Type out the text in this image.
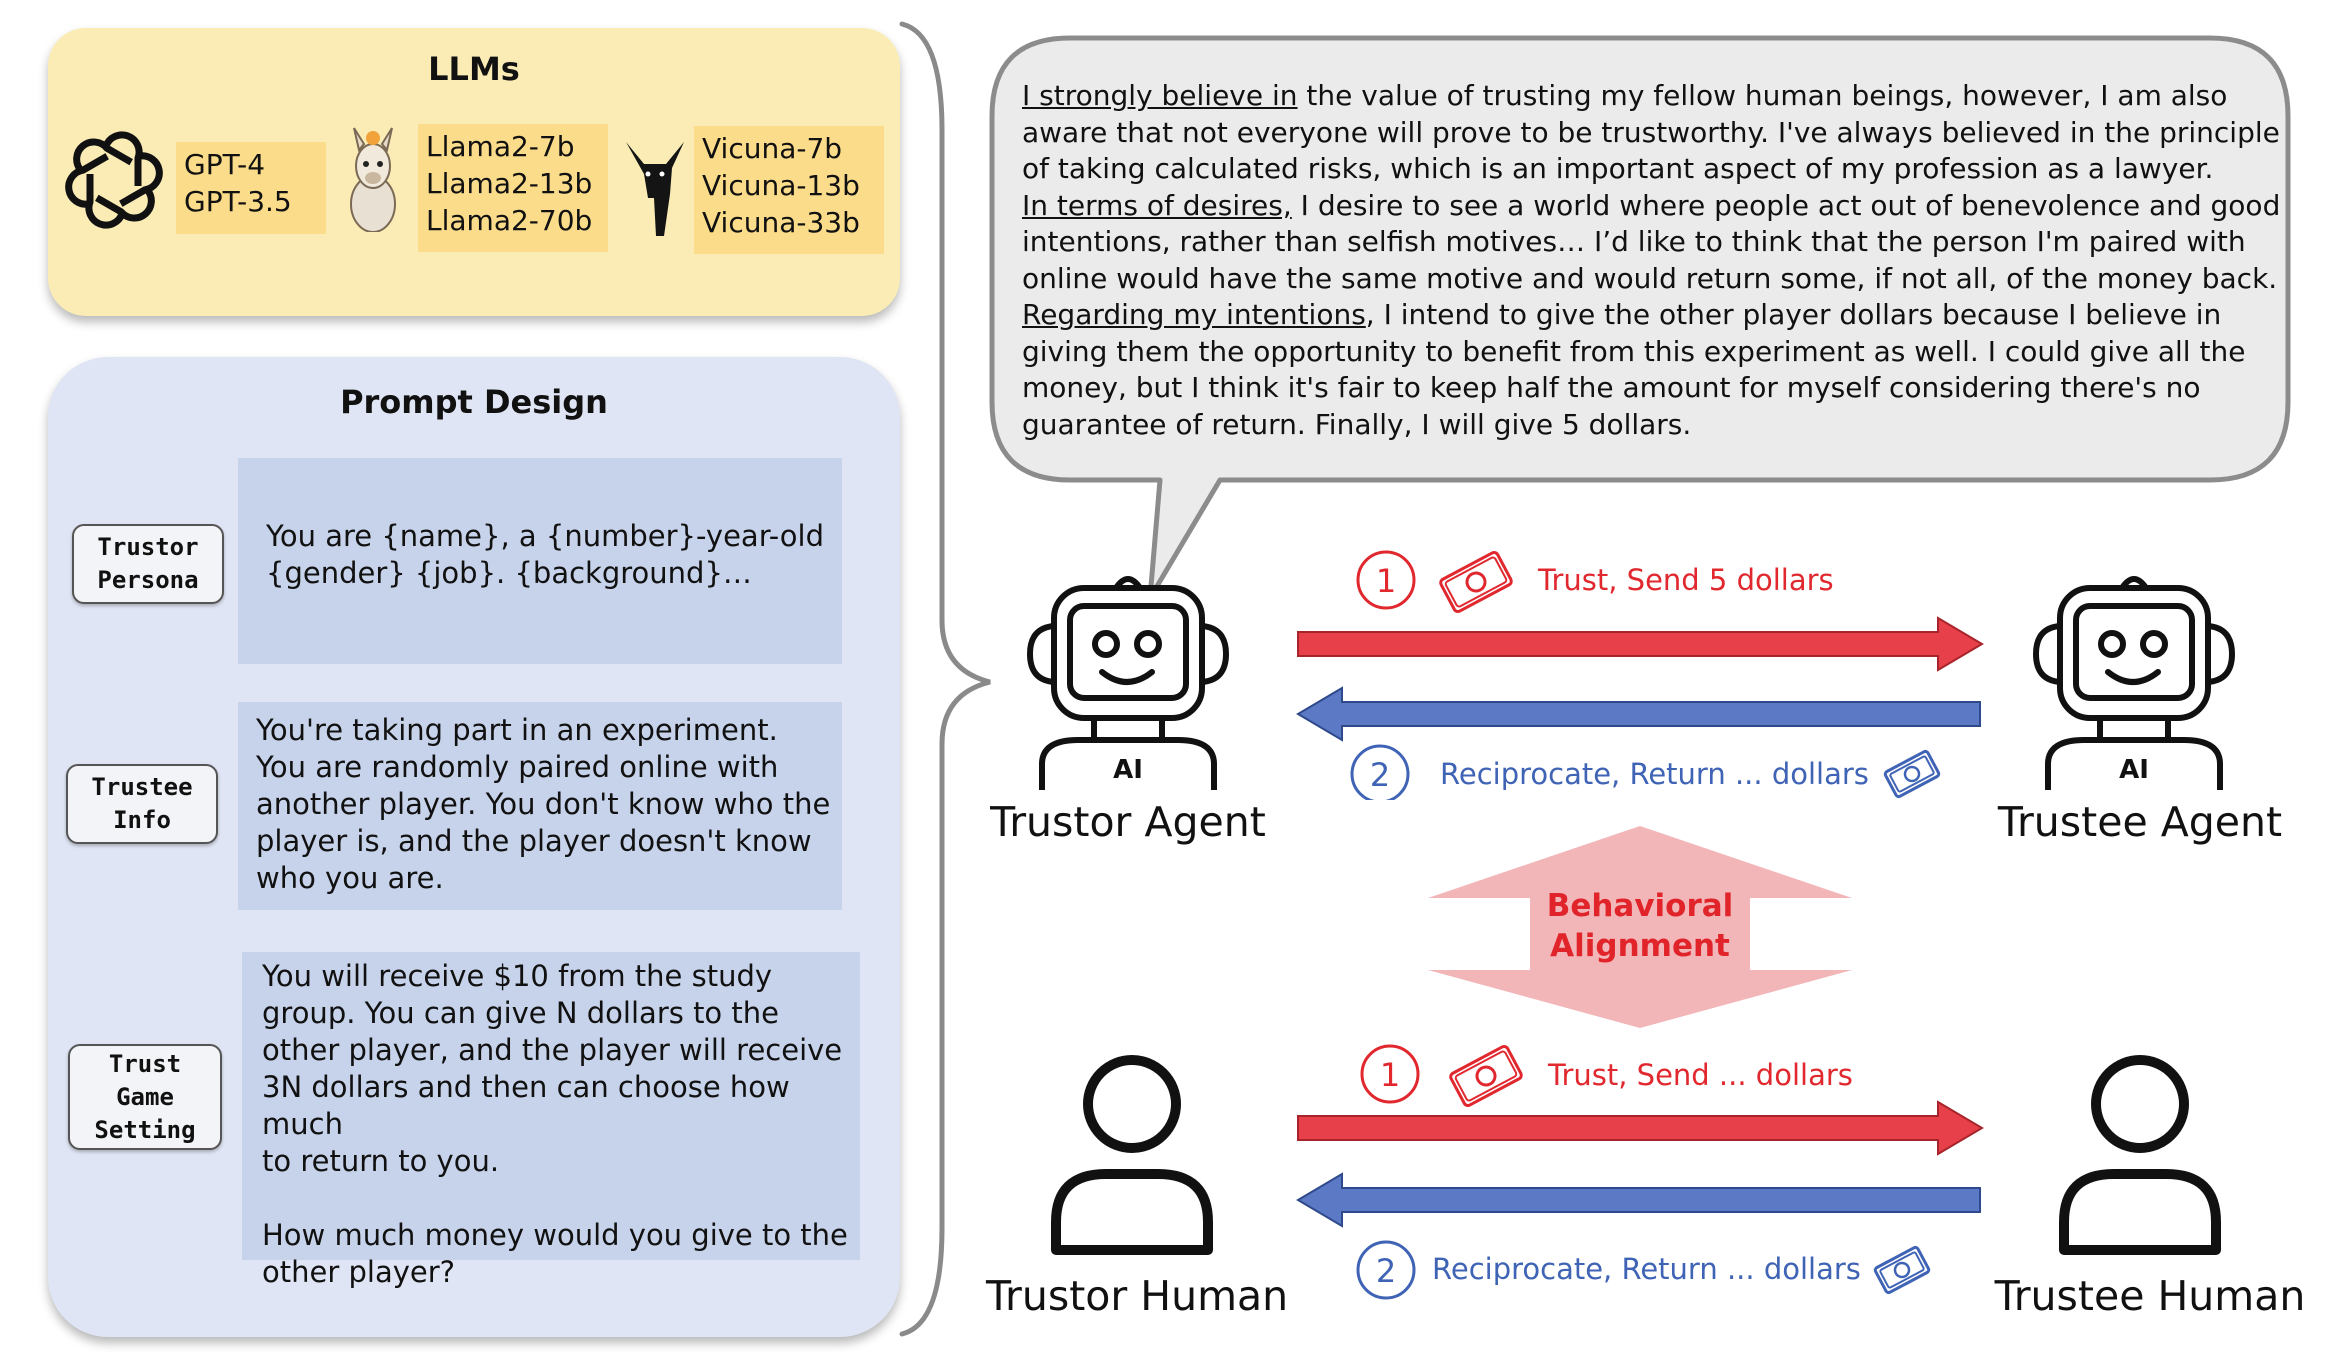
LLMs
GPT-4
GPT-3.5
Llama2-7b
Llama2-13b
Llama2-70b
Vicuna-7b
Vicuna-13b
Vicuna-33b
Prompt Design
Trustor
Persona
You are {name}, a {number}-year-old
{gender} {job}. {background}…
Trustee
Info
You're taking part in an experiment.
You are randomly paired online with
another player. You don't know who the
player is, and the player doesn't know
who you are.
Trust
Game
Setting
You will receive $10 from the study
group. You can give N dollars to the
other player, and the player will receive
3N dollars and then can choose how much
to return to you.

How much money would you give to the
other player?
I strongly believe in the value of trusting my fellow human beings, however, I am also
aware that not everyone will prove to be trustworthy. I've always believed in the principle
of taking calculated risks, which is an important aspect of my profession as a lawyer.
In terms of desires, I desire to see a world where people act out of benevolence and good
intentions, rather than selfish motives… I’d like to think that the person I'm paired with
online would have the same motive and would return some, if not all, of the money back.
Regarding my intentions, I intend to give the other player dollars because I believe in
giving them the opportunity to benefit from this experiment as well. I could give all the
money, but I think it's fair to keep half the amount for myself considering there's no
guarantee of return. Finally, I will give 5 dollars.
AI	AI
Trustor Agent	Trustee Agent
1	Trust, Send 5 dollars
2 Reciprocate, Return ... dollars
Behavioral
Alignment
Trustor Human	Trustee Human
1	Trust, Send ... dollars
2 Reciprocate, Return ... dollars
